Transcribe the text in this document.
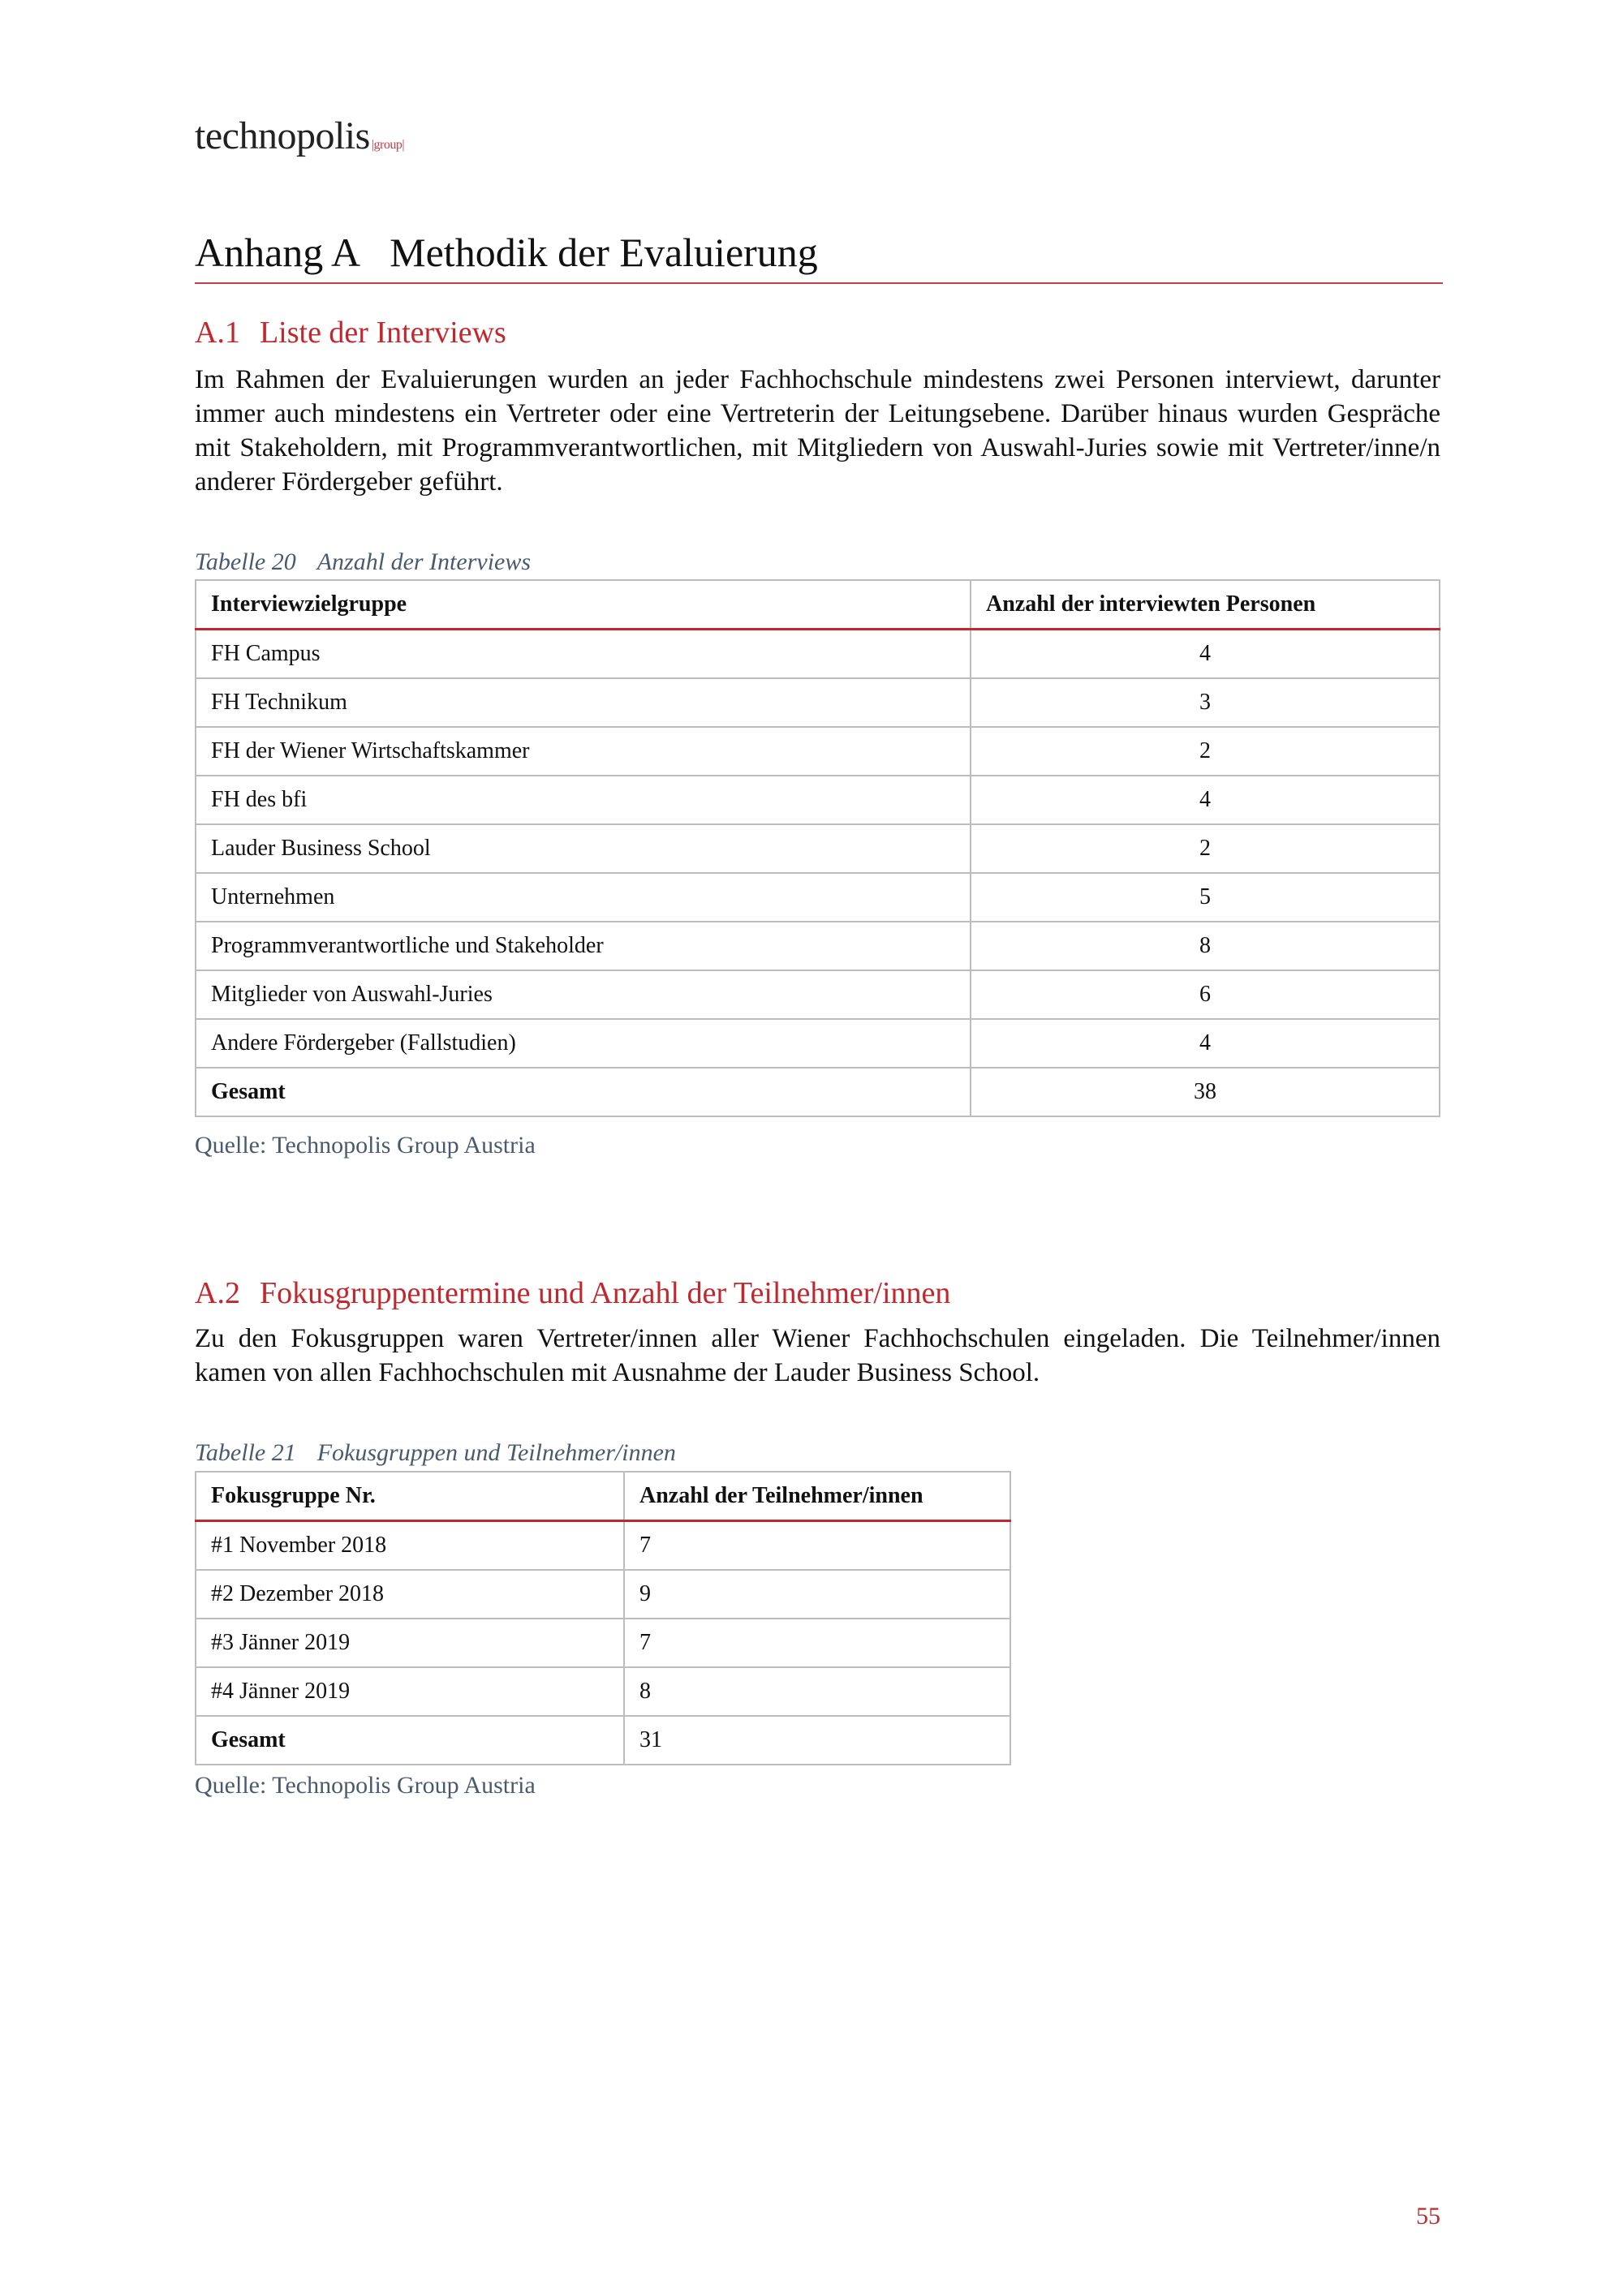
technopolis |group|
Anhang A Methodik der Evaluierung
A.1 Liste der Interviews
Im Rahmen der Evaluierungen wurden an jeder Fachhochschule mindestens zwei Personen interviewt, darunter immer auch mindestens ein Vertreter oder eine Vertreterin der Leitungsebene. Darüber hinaus wurden Gespräche mit Stakeholdern, mit Programmverantwortlichen, mit Mitgliedern von Auswahl-Juries sowie mit Vertreter/inne/n anderer Fördergeber geführt.
Tabelle 20 Anzahl der Interviews
Interviewzielgruppe	Anzahl der interviewten Personen
FH Campus	4
FH Technikum	3
FH der Wiener Wirtschaftskammer	2
FH des bfi	4
Lauder Business School	2
Unternehmen	5
Programmverantwortliche und Stakeholder	8
Mitglieder von Auswahl-Juries	6
Andere Fördergeber (Fallstudien)	4
Gesamt	38
Quelle: Technopolis Group Austria
A.2 Fokusgruppentermine und Anzahl der Teilnehmer/innen
Zu den Fokusgruppen waren Vertreter/innen aller Wiener Fachhochschulen eingeladen. Die Teilnehmer/innen kamen von allen Fachhochschulen mit Ausnahme der Lauder Business School.
Tabelle 21 Fokusgruppen und Teilnehmer/innen
Fokusgruppe Nr.	Anzahl der Teilnehmer/innen
#1 November 2018	7
#2 Dezember 2018	9
#3 Jänner 2019	7
#4 Jänner 2019	8
Gesamt	31
Quelle: Technopolis Group Austria
55
